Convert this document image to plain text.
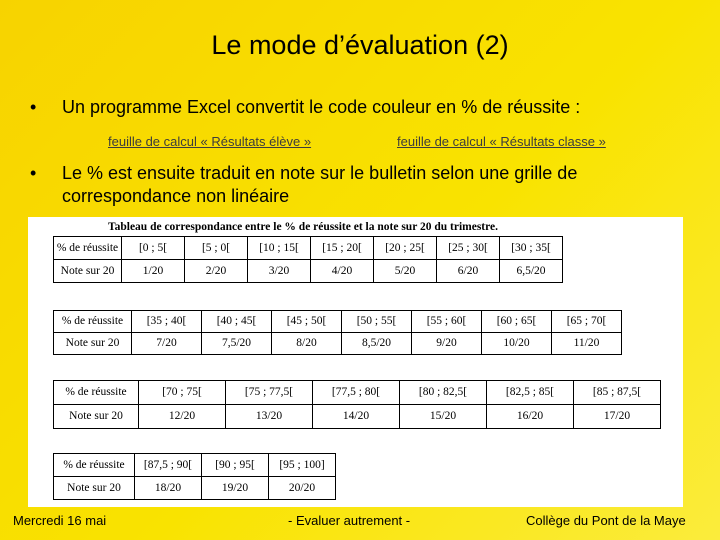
Le mode d’évaluation (2)
• Un programme Excel convertit le code couleur en % de réussite :
feuille de calcul « Résultats élève »	feuille de calcul « Résultats classe »
• Le % est ensuite traduit en note sur le bulletin selon une grille de correspondance non linéaire
Tableau de correspondance entre le % de réussite et la note sur 20 du trimestre.
% de réussite	[0 ; 5[	[5 ; 0[	[10 ; 15[	[15 ; 20[	[20 ; 25[	[25 ; 30[	[30 ; 35[
Note sur 20	1/20	2/20	3/20	4/20	5/20	6/20	6,5/20
% de réussite	[35 ; 40[	[40 ; 45[	[45 ; 50[	[50 ; 55[	[55 ; 60[	[60 ; 65[	[65 ; 70[
Note sur 20	7/20	7,5/20	8/20	8,5/20	9/20	10/20	11/20
% de réussite	[70 ; 75[	[75 ; 77,5[	[77,5 ; 80[	[80 ; 82,5[	[82,5 ; 85[	[85 ; 87,5[
Note sur 20	12/20	13/20	14/20	15/20	16/20	17/20
% de réussite	[87,5 ; 90[	[90 ; 95[	[95 ; 100]
Note sur 20	18/20	19/20	20/20
Mercredi 16 mai	- Evaluer autrement -	Collège du Pont de la Maye
